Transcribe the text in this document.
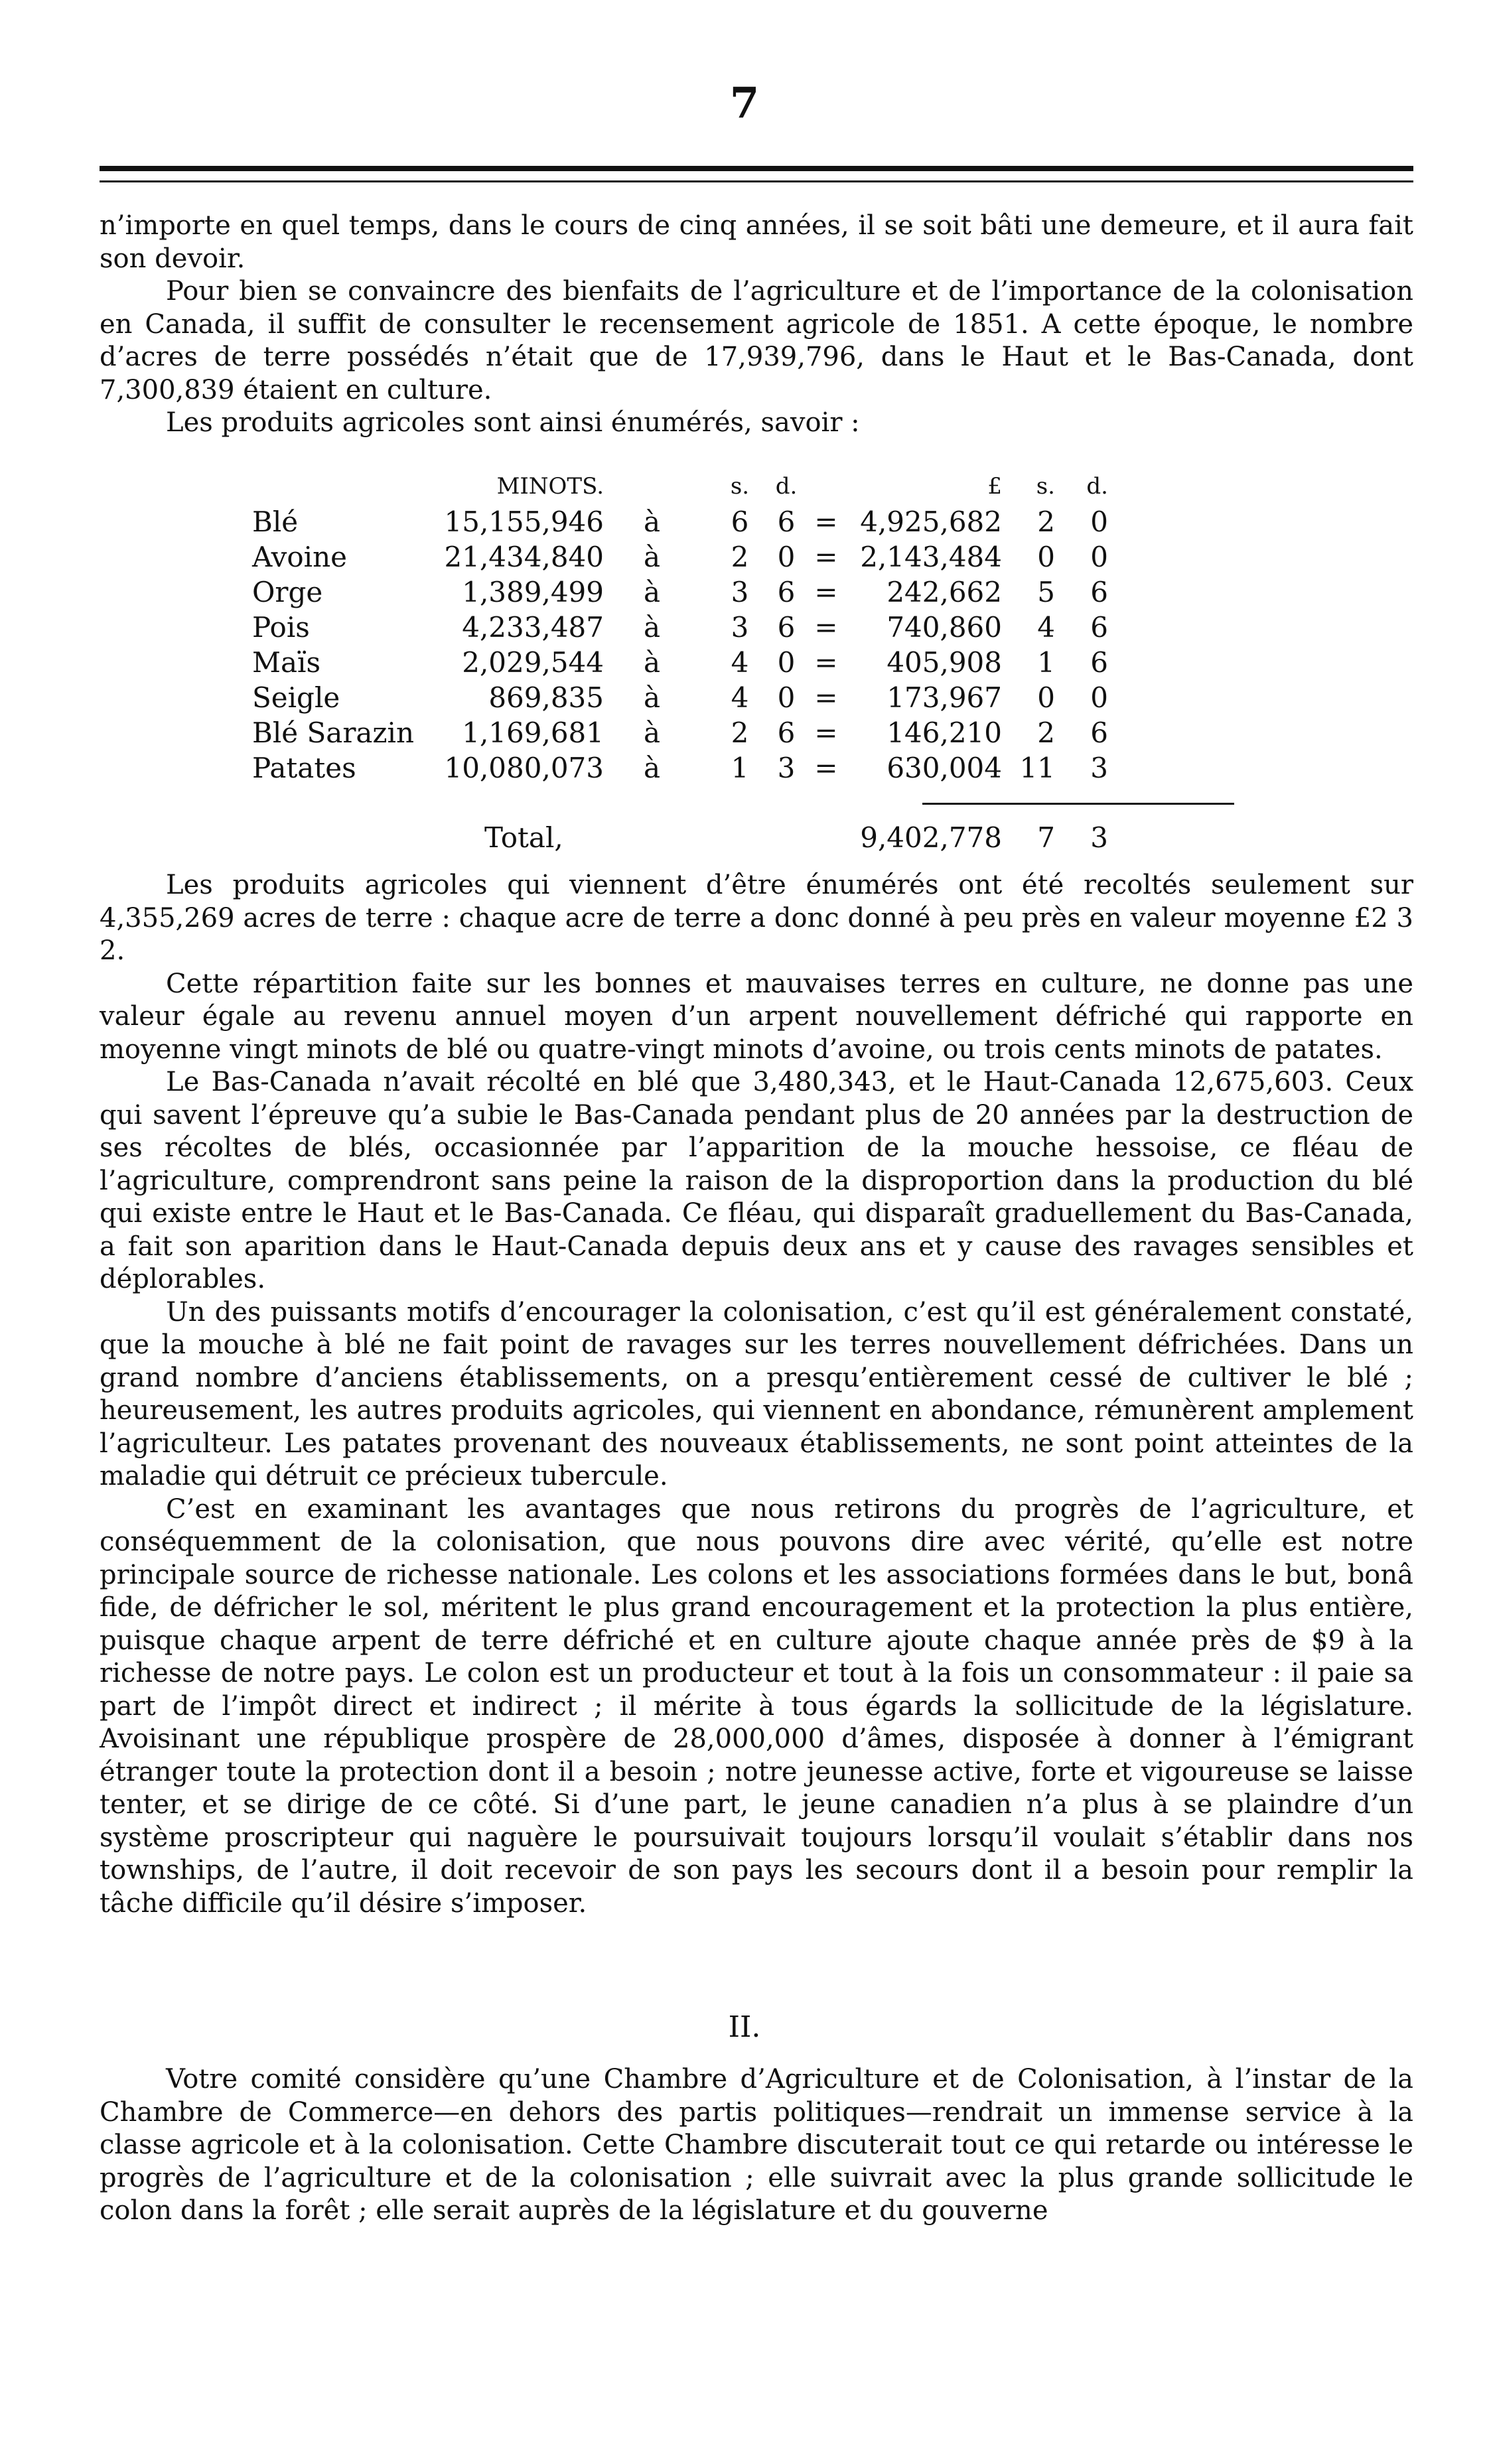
7

n’importe en quel temps, dans le cours de cinq années, il se soit bâti une demeure, et il aura fait son devoir.

Pour bien se convaincre des bienfaits de l’agriculture et de l’importance de la colonisation en Canada, il suffit de consulter le recensement agricole de 1851. A cette époque, le nombre d’acres de terre possédés n’était que de 17,939,796, dans le Haut et le Bas-Canada, dont 7,300,839 étaient en culture.

Les produits agricoles sont ainsi énumérés, savoir :

	MINOTS.		s.	d.		£	s.	d.
Blé	15,155,946	à	6	6	=	4,925,682	2	0
Avoine	21,434,840	à	2	0	=	2,143,484	0	0
Orge	1,389,499	à	3	6	=	242,662	5	6
Pois	4,233,487	à	3	6	=	740,860	4	6
Maïs	2,029,544	à	4	0	=	405,908	1	6
Seigle	869,835	à	4	0	=	173,967	0	0
Blé Sarazin	1,169,681	à	2	6	=	146,210	2	6
Patates	10,080,073	à	1	3	=	630,004	11	3
Total,						9,402,778	7	3

Les produits agricoles qui viennent d’être énumérés ont été recoltés seulement sur 4,355,269 acres de terre : chaque acre de terre a donc donné à peu près en valeur moyenne £2 3 2.

Cette répartition faite sur les bonnes et mauvaises terres en culture, ne donne pas une valeur égale au revenu annuel moyen d’un arpent nouvellement défriché qui rapporte en moyenne vingt minots de blé ou quatre-vingt minots d’avoine, ou trois cents minots de patates.

Le Bas-Canada n’avait récolté en blé que 3,480,343, et le Haut-Canada 12,675,603. Ceux qui savent l’épreuve qu’a subie le Bas-Canada pendant plus de 20 années par la destruction de ses récoltes de blés, occasionnée par l’apparition de la mouche hessoise, ce fléau de l’agriculture, comprendront sans peine la raison de la disproportion dans la production du blé qui existe entre le Haut et le Bas-Canada. Ce fléau, qui disparaît graduellement du Bas-Canada, a fait son aparition dans le Haut-Canada depuis deux ans et y cause des ravages sensibles et déplorables.

Un des puissants motifs d’encourager la colonisation, c’est qu’il est généralement constaté, que la mouche à blé ne fait point de ravages sur les terres nouvellement défrichées. Dans un grand nombre d’anciens établissements, on a presqu’entièrement cessé de cultiver le blé ; heureusement, les autres produits agricoles, qui viennent en abondance, rémunèrent amplement l’agriculteur. Les patates provenant des nouveaux établissements, ne sont point atteintes de la maladie qui détruit ce précieux tubercule.

C’est en examinant les avantages que nous retirons du progrès de l’agriculture, et conséquemment de la colonisation, que nous pouvons dire avec vérité, qu’elle est notre principale source de richesse nationale. Les colons et les associations formées dans le but, bonâ fide, de défricher le sol, méritent le plus grand encouragement et la protection la plus entière, puisque chaque arpent de terre défriché et en culture ajoute chaque année près de $9 à la richesse de notre pays. Le colon est un producteur et tout à la fois un consommateur : il paie sa part de l’impôt direct et indirect ; il mérite à tous égards la sollicitude de la législature. Avoisinant une république prospère de 28,000,000 d’âmes, disposée à donner à l’émigrant étranger toute la protection dont il a besoin ; notre jeunesse active, forte et vigoureuse se laisse tenter, et se dirige de ce côté. Si d’une part, le jeune canadien n’a plus à se plaindre d’un système proscripteur qui naguère le poursuivait toujours lorsqu’il voulait s’établir dans nos townships, de l’autre, il doit recevoir de son pays les secours dont il a besoin pour remplir la tâche difficile qu’il désire s’imposer.

II.

Votre comité considère qu’une Chambre d’Agriculture et de Colonisation, à l’instar de la Chambre de Commerce—en dehors des partis politiques—rendrait un immense service à la classe agricole et à la colonisation. Cette Chambre discuterait tout ce qui retarde ou intéresse le progrès de l’agriculture et de la colonisation ; elle suivrait avec la plus grande sollicitude le colon dans la forêt ; elle serait auprès de la législature et du gouverne
